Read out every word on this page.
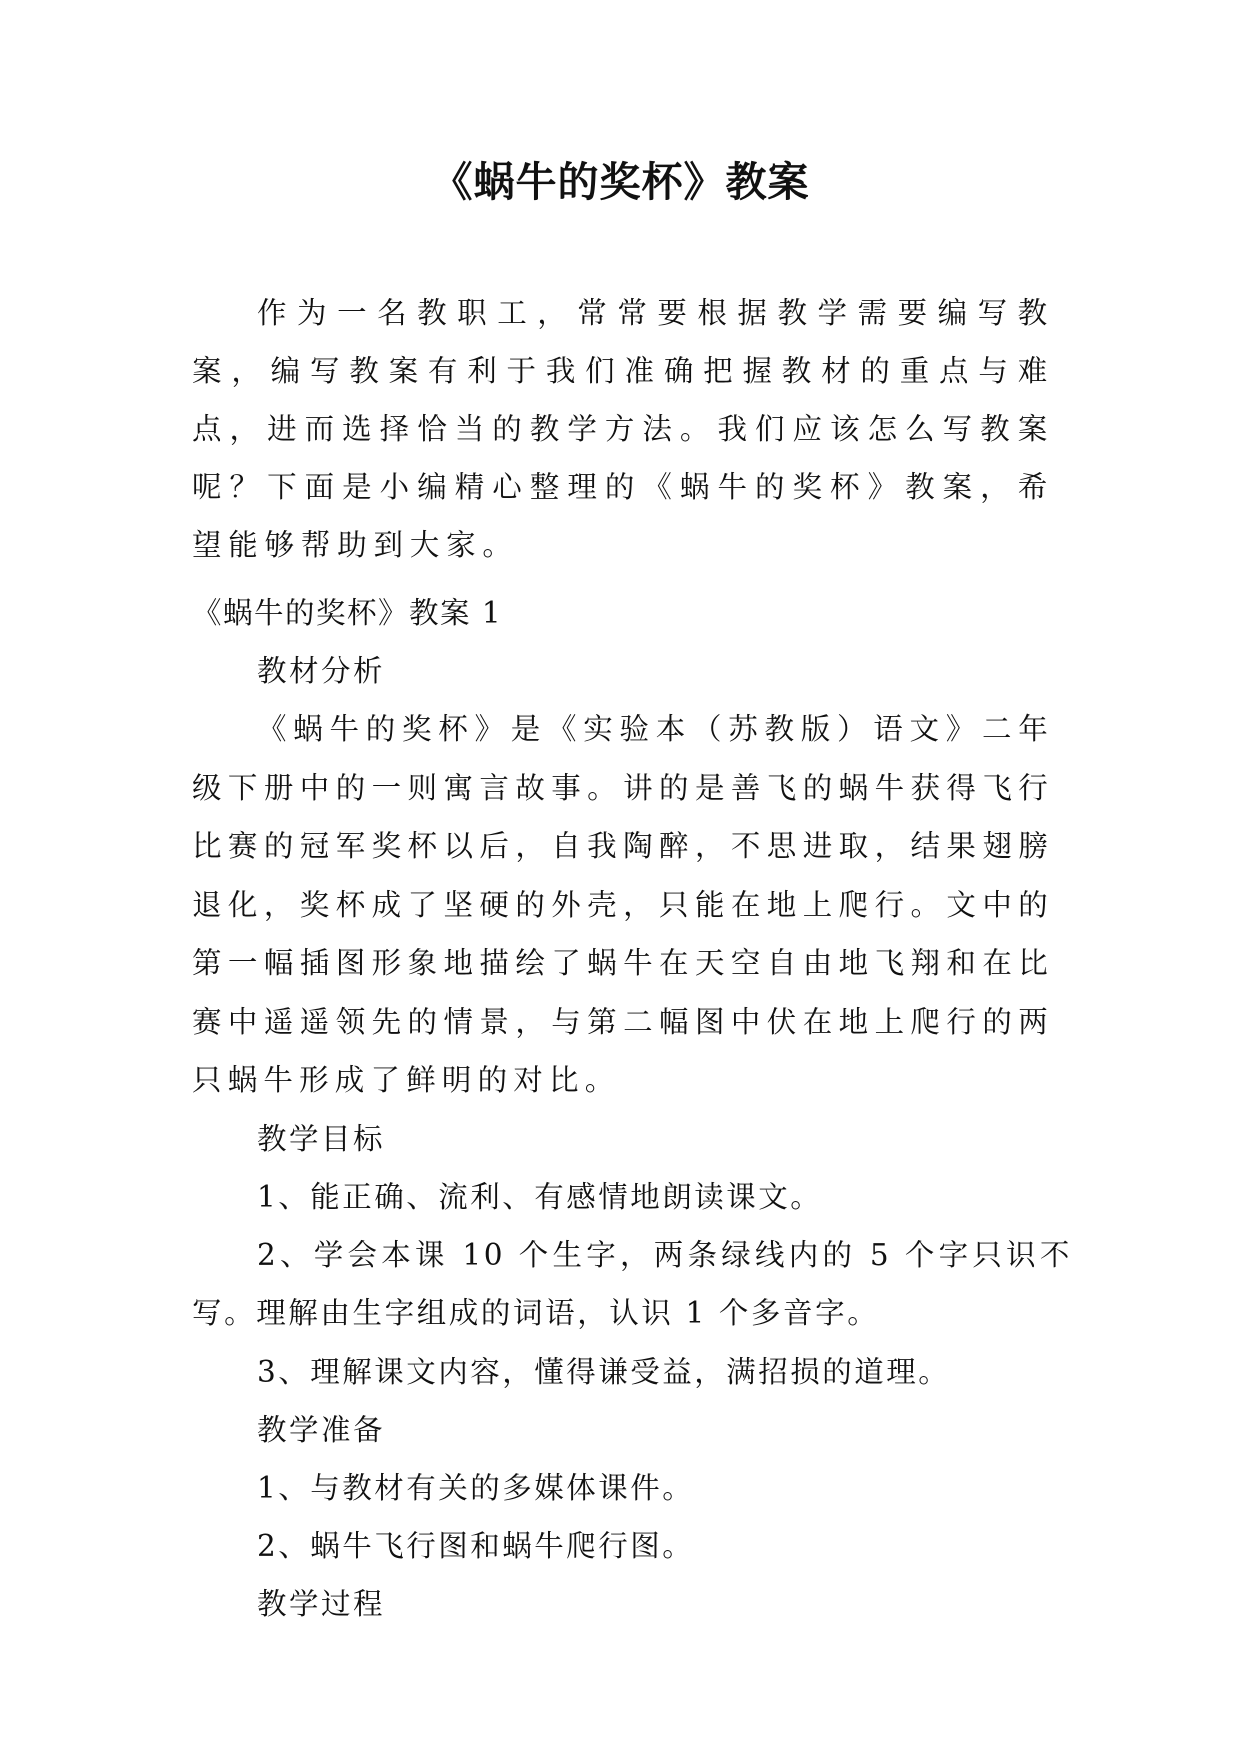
《蜗牛的奖杯》教案

作为一名教职工，常常要根据教学需要编写教案，编写教案有利于我们准确把握教材的重点与难点，进而选择恰当的教学方法。我们应该怎么写教案呢？下面是小编精心整理的《蜗牛的奖杯》教案，希望能够帮助到大家。

《蜗牛的奖杯》教案 1

教材分析

《蜗牛的奖杯》是《实验本（苏教版）语文》二年级下册中的一则寓言故事。讲的是善飞的蜗牛获得飞行比赛的冠军奖杯以后，自我陶醉，不思进取，结果翅膀退化，奖杯成了坚硬的外壳，只能在地上爬行。文中的第一幅插图形象地描绘了蜗牛在天空自由地飞翔和在比赛中遥遥领先的情景，与第二幅图中伏在地上爬行的两只蜗牛形成了鲜明的对比。

教学目标

1、能正确、流利、有感情地朗读课文。

2、学会本课 10 个生字，两条绿线内的 5 个字只识不写。理解由生字组成的词语，认识 1 个多音字。

3、理解课文内容，懂得谦受益，满招损的道理。

教学准备

1、与教材有关的多媒体课件。

2、蜗牛飞行图和蜗牛爬行图。

教学过程
